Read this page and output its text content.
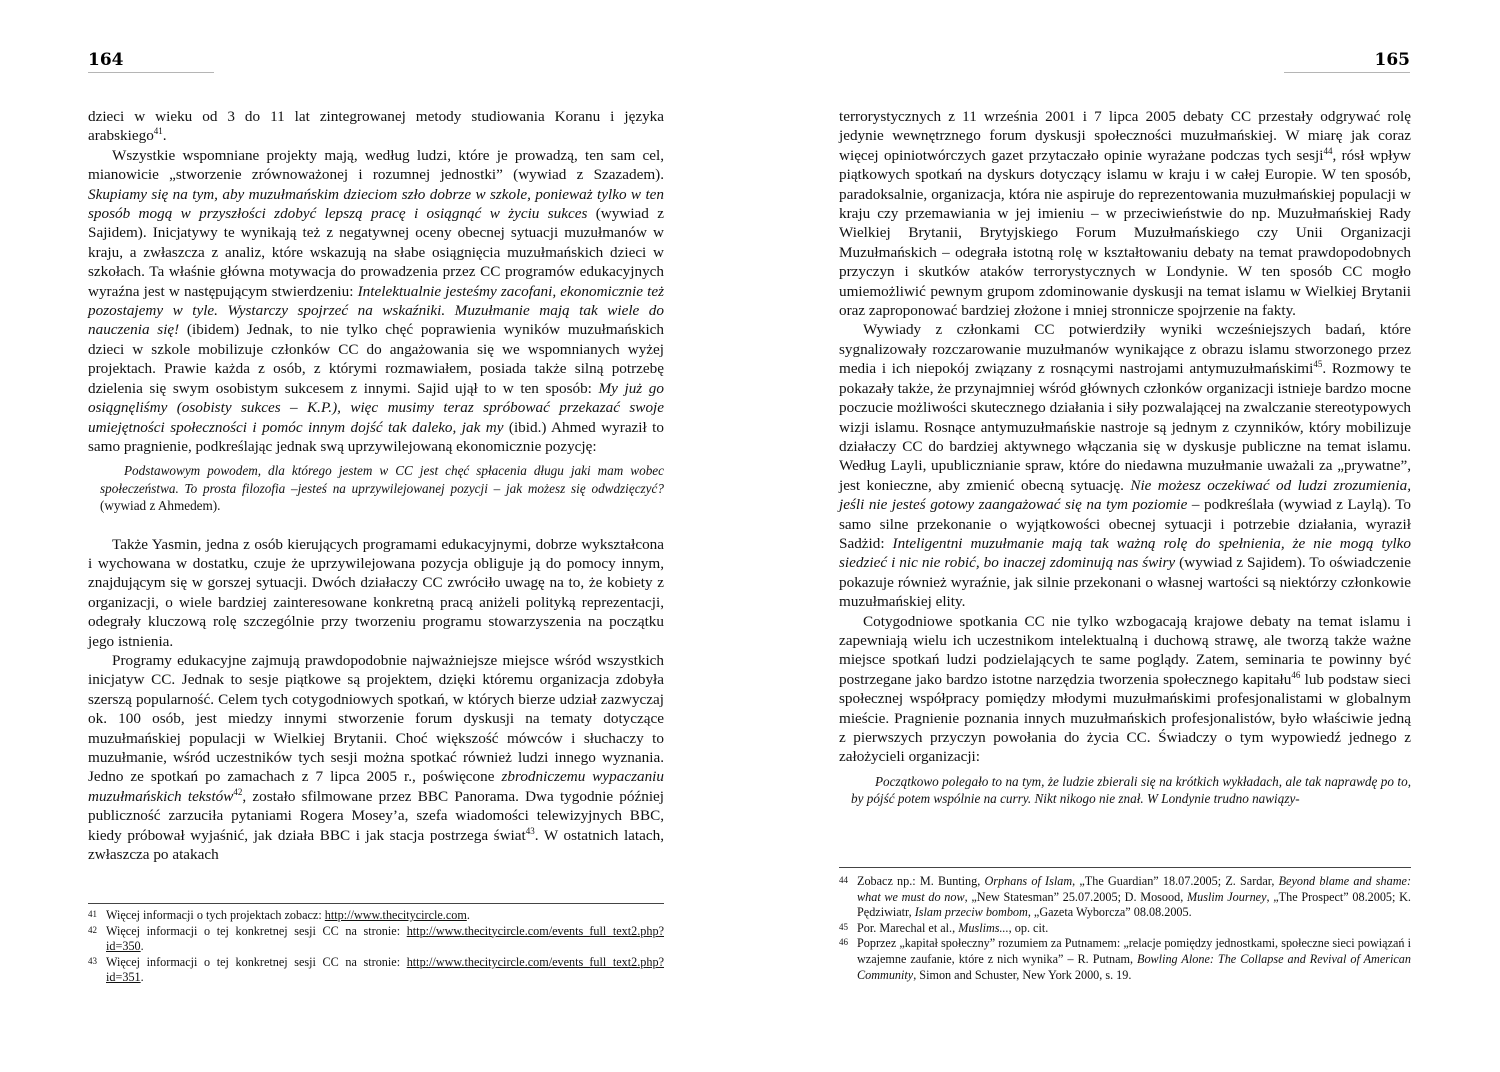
164

dzieci w wieku od 3 do 11 lat zintegrowanej metody studiowania Koranu i języka arabskiego$^{41}$.

Wszystkie wspomniane projekty mają, według ludzi, które je prowadzą, ten sam cel, mianowicie „stworzenie zrównoważonej i rozumnej jednostki” (wywiad z Szazadem). Skupiamy się na tym, aby muzułmańskim dzieciom szło dobrze w szkole, ponieważ tylko w ten sposób mogą w przyszłości zdobyć lepszą pracę i osiągnąć w życiu sukces (wywiad z Sajidem). Inicjatywy te wynikają też z negatywnej oceny obecnej sytuacji muzułmanów w kraju, a zwłaszcza z analiz, które wskazują na słabe osiągnięcia muzułmańskich dzieci w szkołach. Ta właśnie główna motywacja do prowadzenia przez CC programów edukacyjnych wyraźna jest w następującym stwierdzeniu: Intelektualnie jesteśmy zacofani, ekonomicznie też pozostajemy w tyle. Wystarczy spojrzeć na wskaźniki. Muzułmanie mają tak wiele do nauczenia się! (ibidem) Jednak, to nie tylko chęć poprawienia wyników muzułmańskich dzieci w szkole mobilizuje członków CC do angażowania się we wspomnianych wyżej projektach. Prawie każda z osób, z którymi rozmawiałem, posiada także silną potrzebę dzielenia się swym osobistym sukcesem z innymi. Sajid ujął to w ten sposób: My już go osiągnęliśmy (osobisty sukces – K.P.), więc musimy teraz spróbować przekazać swoje umiejętności społeczności i pomóc innym dojść tak daleko, jak my (ibid.) Ahmed wyraził to samo pragnienie, podkreślając jednak swą uprzywilejowaną ekonomicznie pozycję:

Podstawowym powodem, dla którego jestem w CC jest chęć spłacenia długu jaki mam wobec społeczeństwa. To prosta filozofia –jesteś na uprzywilejowanej pozycji – jak możesz się odwdzięczyć? (wywiad z Ahmedem).

Także Yasmin, jedna z osób kierujących programami edukacyjnymi, dobrze wykształcona i wychowana w dostatku, czuje że uprzywilejowana pozycja obliguje ją do pomocy innym, znajdującym się w gorszej sytuacji. Dwóch działaczy CC zwróciło uwagę na to, że kobiety z organizacji, o wiele bardziej zainteresowane konkretną pracą aniżeli polityką reprezentacji, odegrały kluczową rolę szczególnie przy tworzeniu programu stowarzyszenia na początku jego istnienia.

Programy edukacyjne zajmują prawdopodobnie najważniejsze miejsce wśród wszystkich inicjatyw CC. Jednak to sesje piątkowe są projektem, dzięki któremu organizacja zdobyła szerszą popularność. Celem tych cotygodniowych spotkań, w których bierze udział zazwyczaj ok. 100 osób, jest miedzy innymi stworzenie forum dyskusji na tematy dotyczące muzułmańskiej populacji w Wielkiej Brytanii. Choć większość mówców i słuchaczy to muzułmanie, wśród uczestników tych sesji można spotkać również ludzi innego wyznania. Jedno ze spotkań po zamachach z 7 lipca 2005 r., poświęcone zbrodniczemu wypaczaniu muzułmańskich tekstów$^{42}$, zostało sfilmowane przez BBC Panorama. Dwa tygodnie później publiczność zarzuciła pytaniami Rogera Mosey’a, szefa wiadomości telewizyjnych BBC, kiedy próbował wyjaśnić, jak działa BBC i jak stacja postrzega świat$^{43}$. W ostatnich latach, zwłaszcza po atakach

41 Więcej informacji o tych projektach zobacz: http://www.thecitycircle.com.
42 Więcej informacji o tej konkretnej sesji CC na stronie: http://www.thecitycircle.com/events_full text2.php?id=350.
43 Więcej informacji o tej konkretnej sesji CC na stronie: http://www.thecitycircle.com/events_full text2.php?id=351.
165

terrorystycznych z 11 września 2001 i 7 lipca 2005 debaty CC przestały odgrywać rolę jedynie wewnętrznego forum dyskusji społeczności muzułmańskiej. W miarę jak coraz więcej opiniotwórczych gazet przytaczało opinie wyrażane podczas tych sesji$^{44}$, rósł wpływ piątkowych spotkań na dyskurs dotyczący islamu w kraju i w całej Europie. W ten sposób, paradoksalnie, organizacja, która nie aspiruje do reprezentowania muzułmańskiej populacji w kraju czy przemawiania w jej imieniu – w przeciwieństwie do np. Muzułmańskiej Rady Wielkiej Brytanii, Brytyjskiego Forum Muzułmańskiego czy Unii Organizacji Muzułmańskich – odegrała istotną rolę w kształtowaniu debaty na temat prawdopodobnych przyczyn i skutków ataków terrorystycznych w Londynie. W ten sposób CC mogło umiemożliwić pewnym grupom zdominowanie dyskusji na temat islamu w Wielkiej Brytanii oraz zaproponować bardziej złożone i mniej stronnicze spojrzenie na fakty.

Wywiady z członkami CC potwierdziły wyniki wcześniejszych badań, które sygnalizowały rozczarowanie muzułmanów wynikające z obrazu islamu stworzonego przez media i ich niepokój związany z rosnącymi nastrojami antymuzułmańskimi$^{45}$. Rozmowy te pokazały także, że przynajmniej wśród głównych członków organizacji istnieje bardzo mocne poczucie możliwości skutecznego działania i siły pozwalającej na zwalczanie stereotypowych wizji islamu. Rosnące antymuzułmańskie nastroje są jednym z czynników, który mobilizuje działaczy CC do bardziej aktywnego włączania się w dyskusje publiczne na temat islamu. Według Layli, upublicznianie spraw, które do niedawna muzułmanie uważali za „prywatne”, jest konieczne, aby zmienić obecną sytuację. Nie możesz oczekiwać od ludzi zrozumienia, jeśli nie jesteś gotowy zaangażować się na tym poziomie – podkreślała (wywiad z Laylą). To samo silne przekonanie o wyjątkowości obecnej sytuacji i potrzebie działania, wyraził Sadżid: Inteligentni muzułmanie mają tak ważną rolę do spełnienia, że nie mogą tylko siedzieć i nic nie robić, bo inaczej zdominują nas świry (wywiad z Sajidem). To oświadczenie pokazuje również wyraźnie, jak silnie przekonani o własnej wartości są niektórzy członkowie muzułmańskiej elity.

Cotygodniowe spotkania CC nie tylko wzbogacają krajowe debaty na temat islamu i zapewniają wielu ich uczestnikom intelektualną i duchową strawę, ale tworzą także ważne miejsce spotkań ludzi podzielających te same poglądy. Zatem, seminaria te powinny być postrzegane jako bardzo istotne narzędzia tworzenia społecznego kapitału$^{46}$ lub podstaw sieci społecznej współpracy pomiędzy młodymi muzułmańskimi profesjonalistami w globalnym mieście. Pragnienie poznania innych muzułmańskich profesjonalistów, było właściwie jedną z pierwszych przyczyn powołania do życia CC. Świadczy o tym wypowiedź jednego z założycieli organizacji:

Początkowo polegało to na tym, że ludzie zbierali się na krótkich wykładach, ale tak naprawdę po to, by pójść potem wspólnie na curry. Nikt nikogo nie znał. W Londynie trudno nawiązy-
44 Zobacz np.: M. Bunting, Orphans of Islam, „The Guardian” 18.07.2005; Z. Sardar, Beyond blame and shame: what we must do now, „New Statesman” 25.07.2005; D. Mosood, Muslim Journey, „The Prospect” 08.2005; K. Pędziwiatr, Islam przeciw bombom, „Gazeta Wyborcza” 08.08.2005.
45 Por. Marechal et al., Muslims..., op. cit.
46 Poprzez „kapitał społeczny” rozumiem za Putnamem: „relacje pomiędzy jednostkami, społeczne sieci powiązań i wzajemne zaufanie, które z nich wynika” – R. Putnam, Bowling Alone: The Collapse and Revival of American Community, Simon and Schuster, New York 2000, s. 19.
